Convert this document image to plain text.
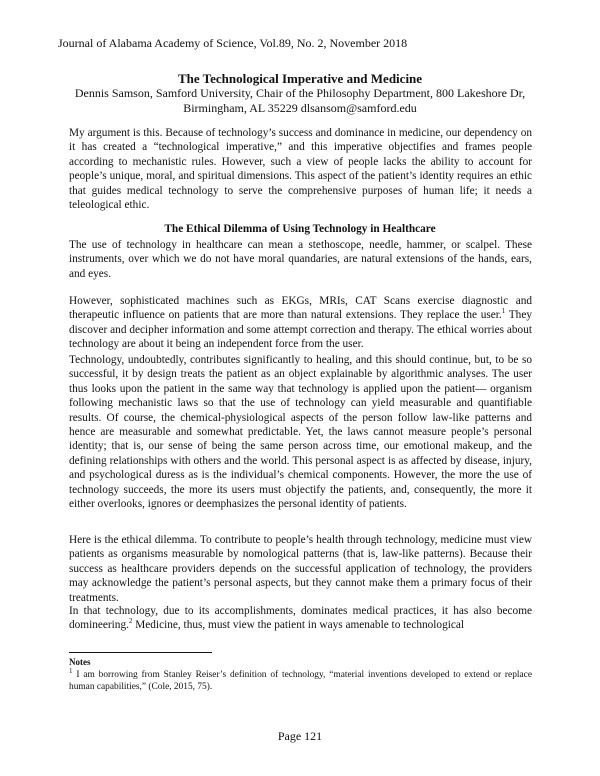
Journal of Alabama Academy of Science, Vol.89, No. 2, November 2018
The Technological Imperative and Medicine
Dennis Samson, Samford University, Chair of the Philosophy Department, 800 Lakeshore Dr,
Birmingham, AL 35229 dlsansom@samford.edu

My argument is this. Because of technology’s success and dominance in medicine, our dependency on it has created a “technological imperative,” and this imperative objectifies and frames people according to mechanistic rules. However, such a view of people lacks the ability to account for people’s unique, moral, and spiritual dimensions. This aspect of the patient’s identity requires an ethic that guides medical technology to serve the comprehensive purposes of human life; it needs a teleological ethic.

The Ethical Dilemma of Using Technology in Healthcare

The use of technology in healthcare can mean a stethoscope, needle, hammer, or scalpel. These instruments, over which we do not have moral quandaries, are natural extensions of the hands, ears, and eyes.

However, sophisticated machines such as EKGs, MRIs, CAT Scans exercise diagnostic and therapeutic influence on patients that are more than natural extensions. They replace the user.$^1$ They discover and decipher information and some attempt correction and therapy. The ethical worries about technology are about it being an independent force from the user.

Technology, undoubtedly, contributes significantly to healing, and this should continue, but, to be so successful, it by design treats the patient as an object explainable by algorithmic analyses. The user thus looks upon the patient in the same way that technology is applied upon the patient— organism following mechanistic laws so that the use of technology can yield measurable and quantifiable results. Of course, the chemical-physiological aspects of the person follow law-like patterns and hence are measurable and somewhat predictable. Yet, the laws cannot measure people’s personal identity; that is, our sense of being the same person across time, our emotional makeup, and the defining relationships with others and the world. This personal aspect is as affected by disease, injury, and psychological duress as is the individual’s chemical components. However, the more the use of technology succeeds, the more its users must objectify the patients, and, consequently, the more it either overlooks, ignores or deemphasizes the personal identity of patients.

Here is the ethical dilemma. To contribute to people’s health through technology, medicine must view patients as organisms measurable by nomological patterns (that is, law-like patterns). Because their success as healthcare providers depends on the successful application of technology, the providers may acknowledge the patient’s personal aspects, but they cannot make them a primary focus of their treatments.

In that technology, due to its accomplishments, dominates medical practices, it has also become domineering.$^2$ Medicine, thus, must view the patient in ways amenable to technological

Notes

$^1$ I am borrowing from Stanley Reiser’s definition of technology, “material inventions developed to extend or replace human capabilities,” (Cole, 2015, 75).

Page 121
